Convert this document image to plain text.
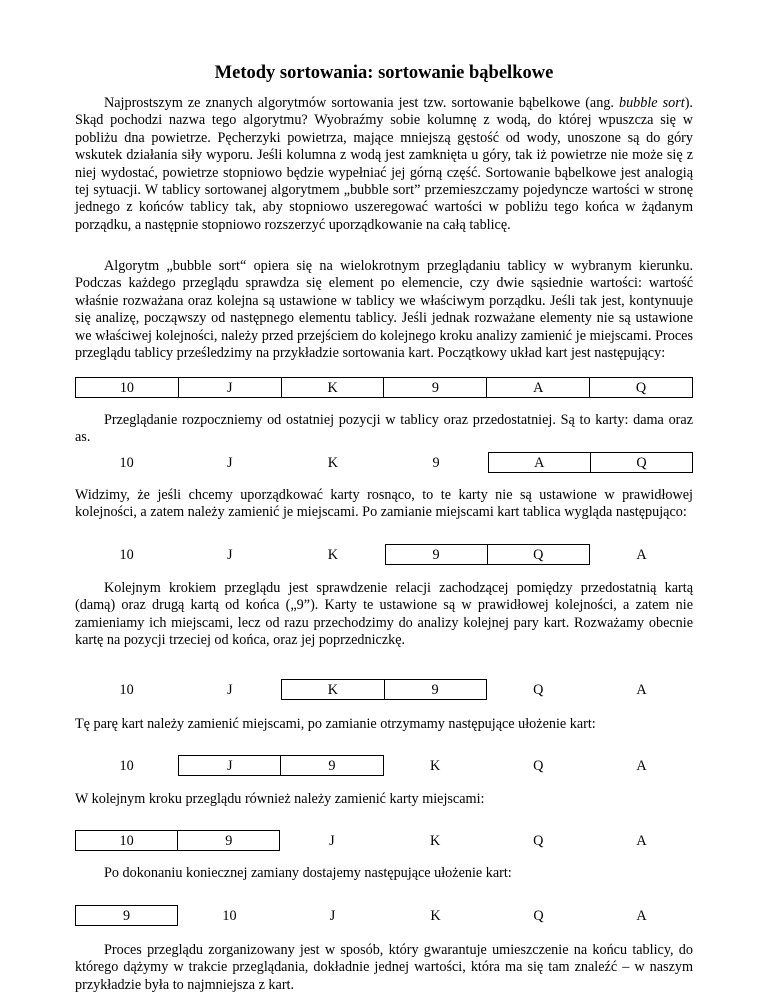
Metody sortowania: sortowanie bąbelkowe

Najprostszym ze znanych algorytmów sortowania jest tzw. sortowanie bąbelkowe (ang. bubble sort). Skąd pochodzi nazwa tego algorytmu? Wyobraźmy sobie kolumnę z wodą, do której wpuszcza się w pobliżu dna powietrze. Pęcherzyki powietrza, mające mniejszą gęstość od wody, unoszone są do góry wskutek działania siły wyporu. Jeśli kolumna z wodą jest zamknięta u góry, tak iż powietrze nie może się z niej wydostać, powietrze stopniowo będzie wypełniać jej górną część. Sortowanie bąbelkowe jest analogią tej sytuacji. W tablicy sortowanej algorytmem „bubble sort” przemieszczamy pojedyncze wartości w stronę jednego z końców tablicy tak, aby stopniowo uszeregować wartości w pobliżu tego końca w żądanym porządku, a następnie stopniowo rozszerzyć uporządkowanie na całą tablicę.

Algorytm „bubble sort“ opiera się na wielokrotnym przeglądaniu tablicy w wybranym kierunku. Podczas każdego przeglądu sprawdza się element po elemencie, czy dwie sąsiednie wartości: wartość właśnie rozważana oraz kolejna są ustawione w tablicy we właściwym porządku. Jeśli tak jest, kontynuuje się analizę, począwszy od następnego elementu tablicy. Jeśli jednak rozważane elementy nie są ustawione we właściwej kolejności, należy przed przejściem do kolejnego kroku analizy zamienić je miejscami. Proces przeglądu tablicy prześledzimy na przykładzie sortowania kart. Początkowy układ kart jest następujący:

10	J	K	9	A	Q

Przeglądanie rozpoczniemy od ostatniej pozycji w tablicy oraz przedostatniej. Są to karty: dama oraz as.

10	J	K	9	A	Q

Widzimy, że jeśli chcemy uporządkować karty rosnąco, to te karty nie są ustawione w prawidłowej kolejności, a zatem należy zamienić je miejscami. Po zamianie miejscami kart tablica wygląda następująco:

10	J	K	9	Q	A

Kolejnym krokiem przeglądu jest sprawdzenie relacji zachodzącej pomiędzy przedostatnią kartą (damą) oraz drugą kartą od końca („9”). Karty te ustawione są w prawidłowej kolejności, a zatem nie zamieniamy ich miejscami, lecz od razu przechodzimy do analizy kolejnej pary kart. Rozważamy obecnie kartę na pozycji trzeciej od końca, oraz jej poprzedniczkę.

10	J	K	9	Q	A

Tę parę kart należy zamienić miejscami, po zamianie otrzymamy następujące ułożenie kart:

10	J	9	K	Q	A

W kolejnym kroku przeglądu również należy zamienić karty miejscami:

10	9	J	K	Q	A

Po dokonaniu koniecznej zamiany dostajemy następujące ułożenie kart:

9	10	J	K	Q	A

Proces przeglądu zorganizowany jest w sposób, który gwarantuje umieszczenie na końcu tablicy, do którego dążymy w trakcie przeglądania, dokładnie jednej wartości, która ma się tam znaleźć – w naszym przykładzie była to najmniejsza z kart.
